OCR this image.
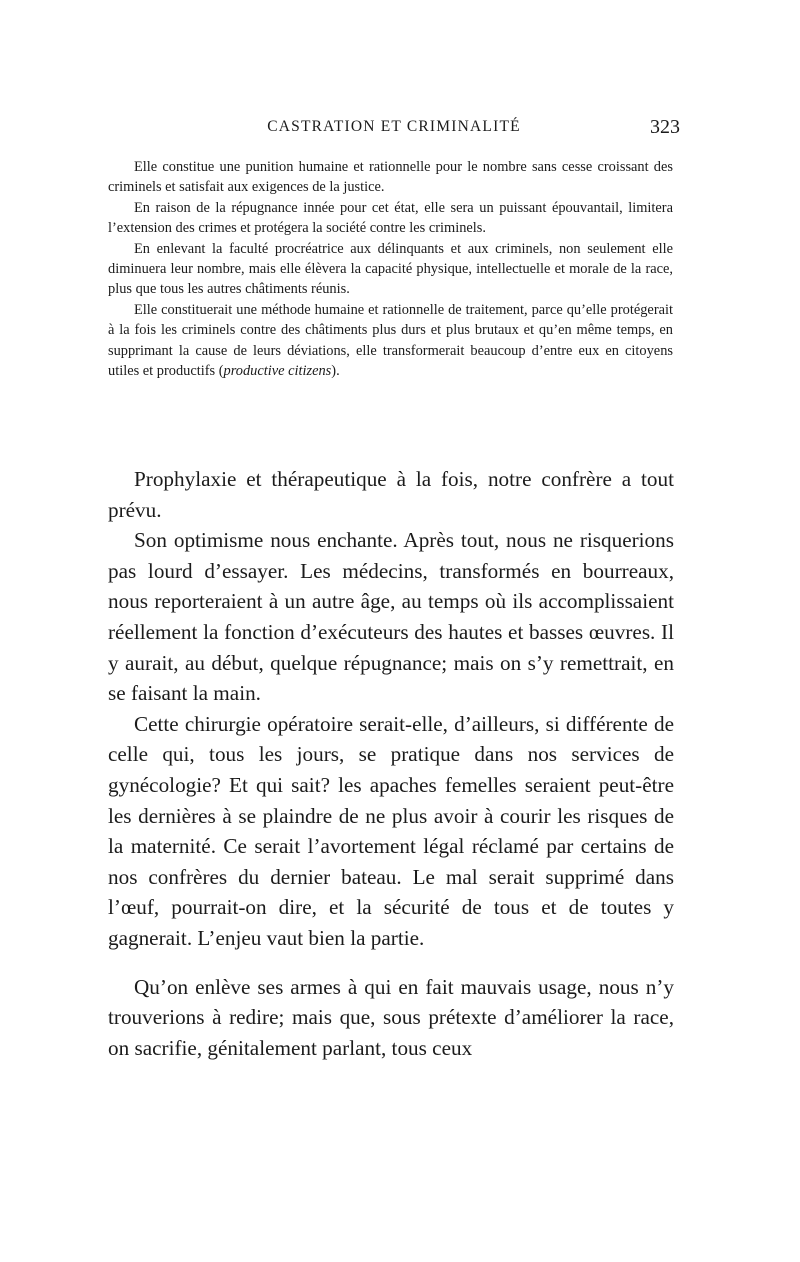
CASTRATION ET CRIMINALITÉ	323

Elle constitue une punition humaine et rationnelle pour le nombre sans cesse croissant des criminels et satisfait aux exigences de la justice.

En raison de la répugnance innée pour cet état, elle sera un puissant épouvantail, limitera l’extension des crimes et protégera la société contre les criminels.

En enlevant la faculté procréatrice aux délinquants et aux criminels, non seulement elle diminuera leur nombre, mais elle élèvera la capacité physique, intellectuelle et morale de la race, plus que tous les autres châtiments réunis.

Elle constituerait une méthode humaine et rationnelle de traitement, parce qu’elle protégerait à la fois les criminels contre des châtiments plus durs et plus brutaux et qu’en même temps, en supprimant la cause de leurs déviations, elle transformerait beaucoup d’entre eux en citoyens utiles et productifs (productive citizens).

Prophylaxie et thérapeutique à la fois, notre confrère a tout prévu.

Son optimisme nous enchante. Après tout, nous ne risquerions pas lourd d’essayer. Les médecins, transformés en bourreaux, nous reporteraient à un autre âge, au temps où ils accomplissaient réellement la fonction d’exécuteurs des hautes et basses œuvres. Il y aurait, au début, quelque répugnance; mais on s’y remettrait, en se faisant la main.

Cette chirurgie opératoire serait-elle, d’ailleurs, si différente de celle qui, tous les jours, se pratique dans nos services de gynécologie? Et qui sait? les apaches femelles seraient peut-être les dernières à se plaindre de ne plus avoir à courir les risques de la maternité. Ce serait l’avortement légal réclamé par certains de nos confrères du dernier bateau. Le mal serait supprimé dans l’œuf, pourrait-on dire, et la sécurité de tous et de toutes y gagnerait. L’enjeu vaut bien la partie.

Qu’on enlève ses armes à qui en fait mauvais usage, nous n’y trouverions à redire; mais que, sous prétexte d’améliorer la race, on sacrifie, génitalement parlant, tous ceux
